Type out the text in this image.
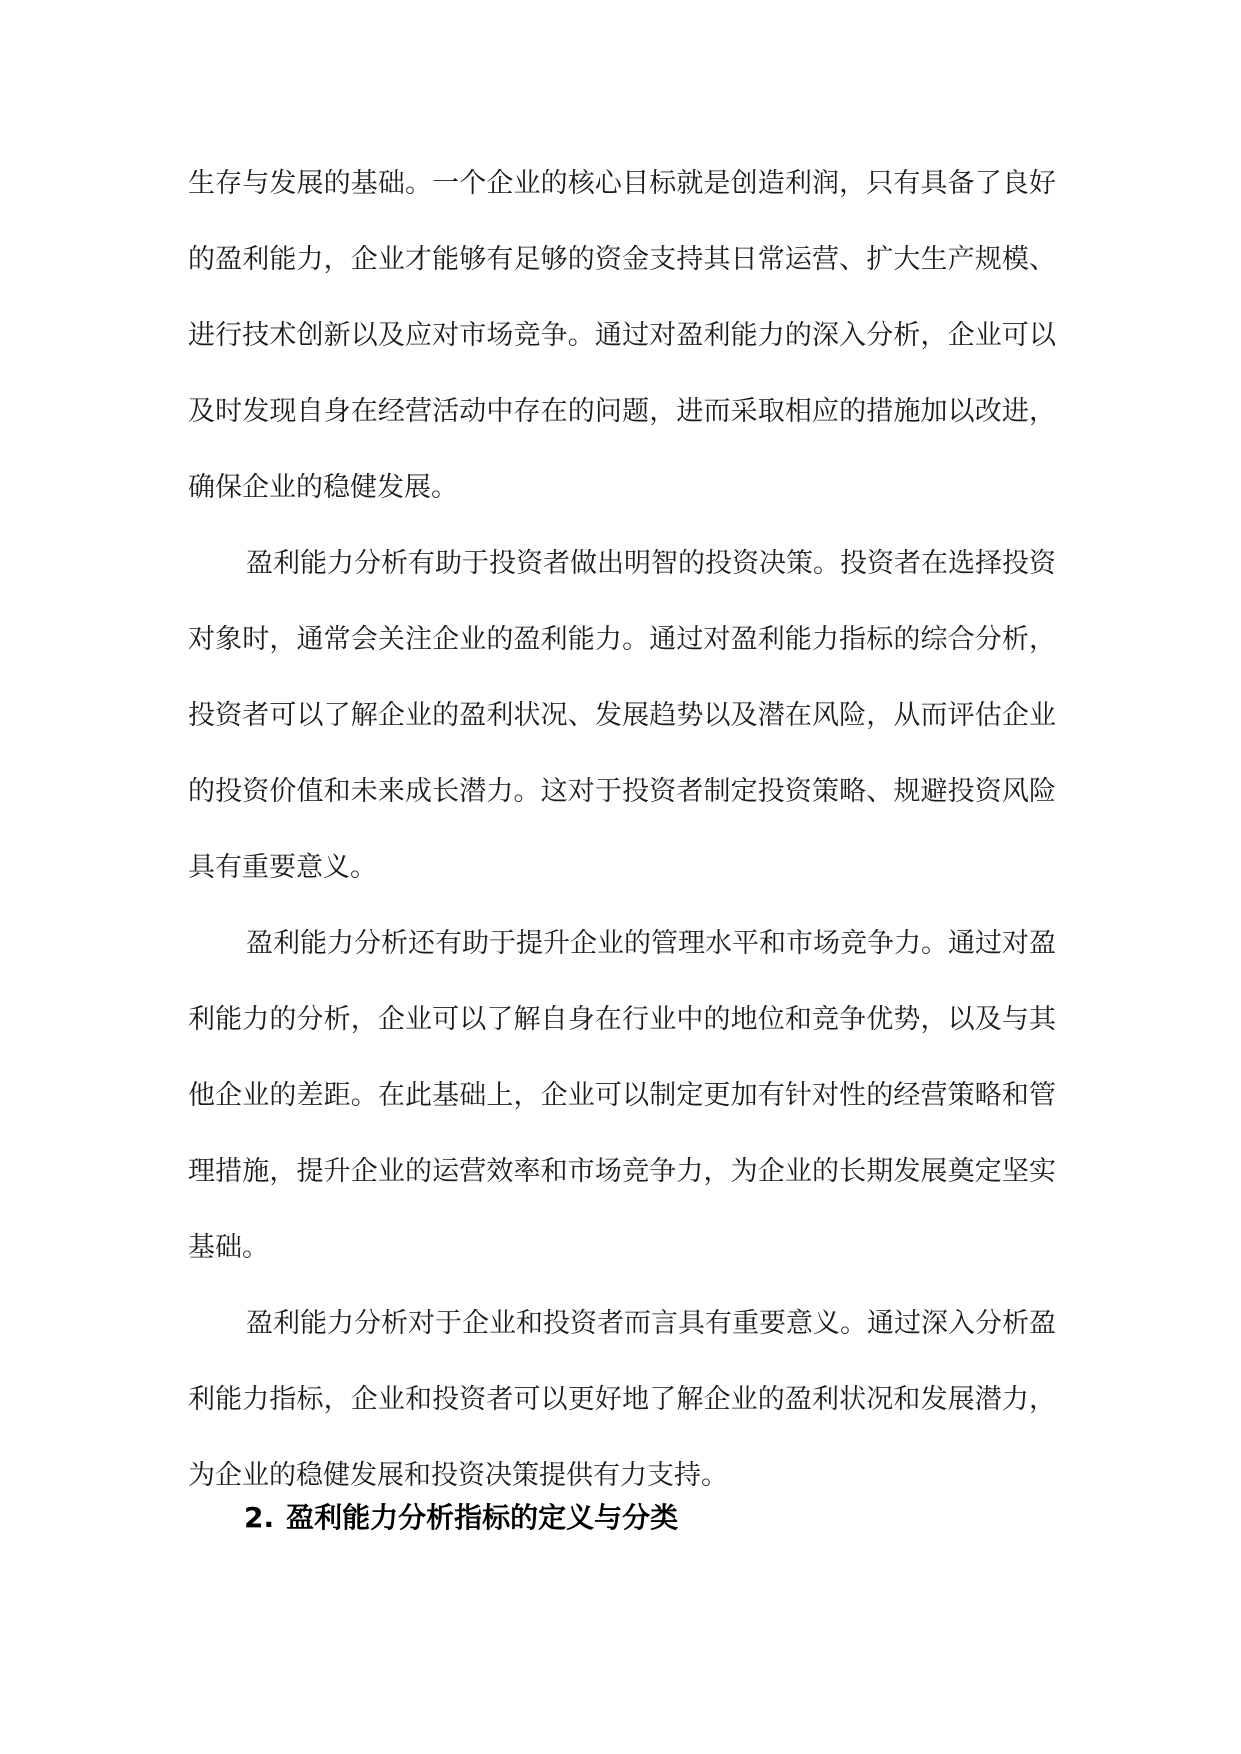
生存与发展的基础。一个企业的核心目标就是创造利润，只有具备了良好的盈利能力，企业才能够有足够的资金支持其日常运营、扩大生产规模、进行技术创新以及应对市场竞争。通过对盈利能力的深入分析，企业可以及时发现自身在经营活动中存在的问题，进而采取相应的措施加以改进，确保企业的稳健发展。

盈利能力分析有助于投资者做出明智的投资决策。投资者在选择投资对象时，通常会关注企业的盈利能力。通过对盈利能力指标的综合分析，投资者可以了解企业的盈利状况、发展趋势以及潜在风险，从而评估企业的投资价值和未来成长潜力。这对于投资者制定投资策略、规避投资风险具有重要意义。

盈利能力分析还有助于提升企业的管理水平和市场竞争力。通过对盈利能力的分析，企业可以了解自身在行业中的地位和竞争优势，以及与其他企业的差距。在此基础上，企业可以制定更加有针对性的经营策略和管理措施，提升企业的运营效率和市场竞争力，为企业的长期发展奠定坚实基础。

盈利能力分析对于企业和投资者而言具有重要意义。通过深入分析盈利能力指标，企业和投资者可以更好地了解企业的盈利状况和发展潜力，为企业的稳健发展和投资决策提供有力支持。

2. 盈利能力分析指标的定义与分类
